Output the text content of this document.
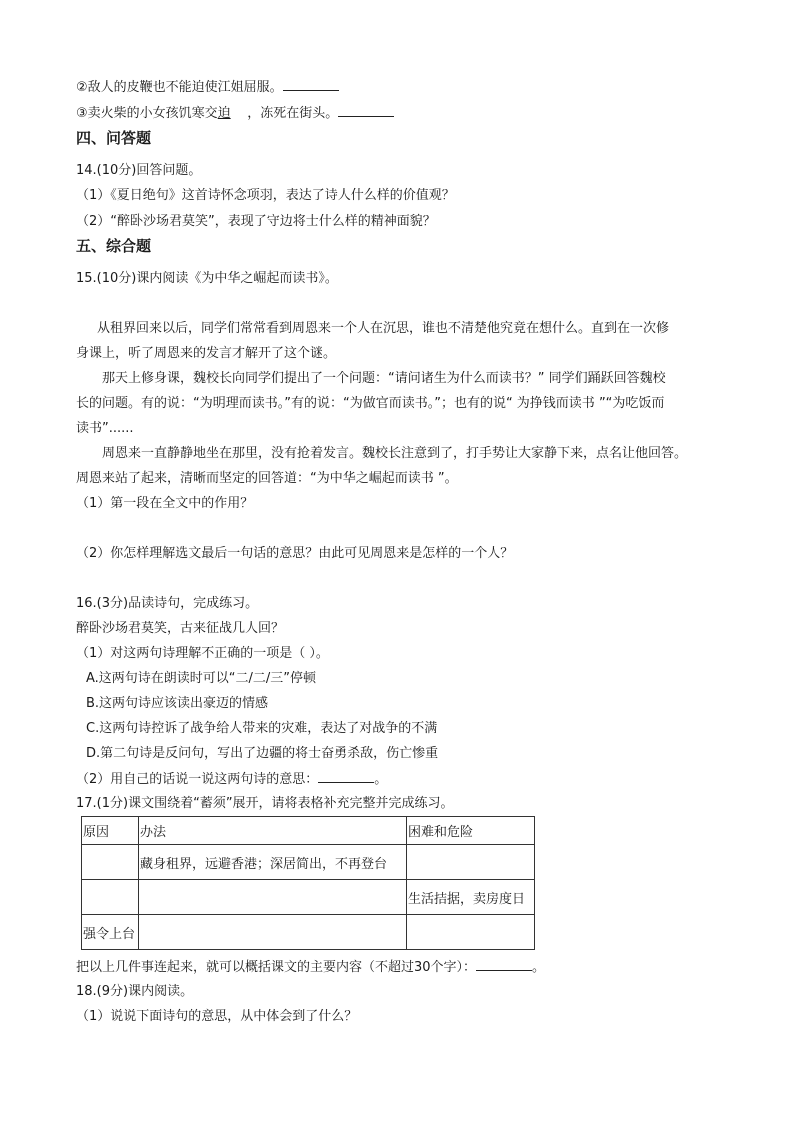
②敌人的皮鞭也不能迫使江姐屈服。
③卖火柴的小女孩饥寒交迫 ，冻死在街头。
四、问答题
14.(10分)回答问题。
（1）《夏日绝句》这首诗怀念项羽，表达了诗人什么样的价值观？
（2）“醉卧沙场君莫笑”，表现了守边将士什么样的精神面貌？
五、综合题
15.(10分)课内阅读《为中华之崛起而读书》。
从租界回来以后，同学们常常看到周恩来一个人在沉思，谁也不清楚他究竟在想什么。直到在一次修
身课上，听了周恩来的发言才解开了这个谜。
那天上修身课，魏校长向同学们提出了一个问题：“请问诸生为什么而读书？” 同学们踊跃回答魏校
长的问题。有的说：“为明理而读书。”有的说：“为做官而读书。”；也有的说“ 为挣钱而读书 ”“为吃饭而
读书”......
周恩来一直静静地坐在那里，没有抢着发言。魏校长注意到了，打手势让大家静下来，点名让他回答。
周恩来站了起来，清晰而坚定的回答道：“为中华之崛起而读书 ”。
（1）第一段在全文中的作用？
（2）你怎样理解选文最后一句话的意思？由此可见周恩来是怎样的一个人？
16.(3分)品读诗句，完成练习。
醉卧沙场君莫笑，古来征战几人回？
（1）对这两句诗理解不正确的一项是（ ）。
A.这两句诗在朗读时可以“二/二/三”停顿
B.这两句诗应该读出豪迈的情感
C.这两句诗控诉了战争给人带来的灾难，表达了对战争的不满
D.第二句诗是反问句，写出了边疆的将士奋勇杀敌，伤亡惨重
（2）用自己的话说一说这两句诗的意思：	。
17.(1分)课文围绕着“蓄须”展开，请将表格补充完整并完成练习。
原因	办法	困难和危险
	藏身租界，远避香港；深居简出，不再登台	
		生活拮据，卖房度日
强令上台		
把以上几件事连起来，就可以概括课文的主要内容（不超过30个字）：	。
18.(9分)课内阅读。
（1）说说下面诗句的意思，从中体会到了什么？
